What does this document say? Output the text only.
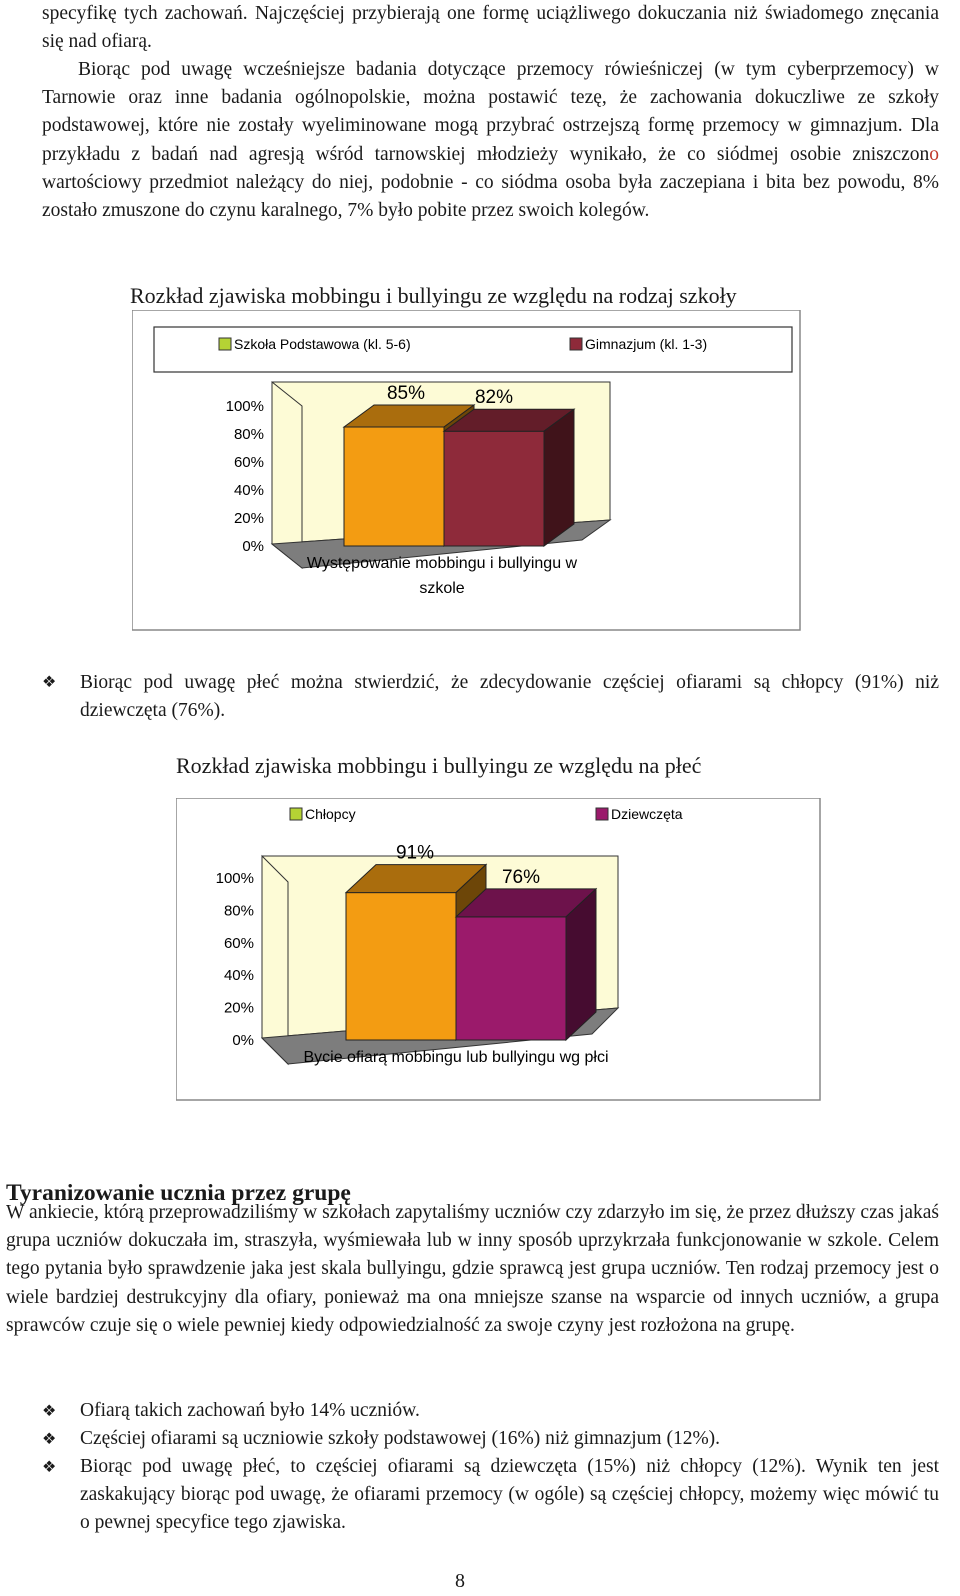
specyfikę tych zachowań. Najczęściej przybierają one formę uciążliwego dokuczania niż świadomego znęcania się nad ofiarą.
Biorąc pod uwagę wcześniejsze badania dotyczące przemocy rówieśniczej (w tym cyberprzemocy) w Tarnowie oraz inne badania ogólnopolskie, można postawić tezę, że zachowania dokuczliwe ze szkoły podstawowej, które nie zostały wyeliminowane mogą przybrać ostrzejszą formę przemocy w gimnazjum. Dla przykładu z badań nad agresją wśród tarnowskiej młodzieży wynikało, że co siódmej osobie zniszczono wartościowy przedmiot należący do niej, podobnie - co siódma osoba była zaczepiana i bita bez powodu, 8% zostało zmuszone do czynu karalnego, 7% było pobite przez swoich kolegów.
Rozkład zjawiska mobbingu i bullyingu ze względu na rodzaj szkoły
Szkoła Podstawowa (kl. 5-6)	Gimnazjum (kl. 1-3)
100%
80%
60%
40%
20%
0%
85%	82%
Występowanie mobbingu i bullyingu w
szkole
❖	Biorąc pod uwagę płeć można stwierdzić, że zdecydowanie częściej ofiarami są chłopcy (91%) niż dziewczęta (76%).
Rozkład zjawiska mobbingu i bullyingu ze względu na płeć
Chłopcy	Dziewczęta
100%
80%
60%
40%
20%
0%
91%
76%
Bycie ofiarą mobbingu lub bullyingu wg płci
Tyranizowanie ucznia przez grupę
W ankiecie, którą przeprowadziliśmy w szkołach zapytaliśmy uczniów czy zdarzyło im się, że przez dłuższy czas jakaś grupa uczniów dokuczała im, straszyła, wyśmiewała lub w inny sposób uprzykrzała funkcjonowanie w szkole. Celem tego pytania było sprawdzenie jaka jest skala bullyingu, gdzie sprawcą jest grupa uczniów. Ten rodzaj przemocy jest o wiele bardziej destrukcyjny dla ofiary, ponieważ ma ona mniejsze szanse na wsparcie od innych uczniów, a grupa sprawców czuje się o wiele pewniej kiedy odpowiedzialność za swoje czyny jest rozłożona na grupę.
❖ Ofiarą takich zachowań było 14% uczniów.
❖ Częściej ofiarami są uczniowie szkoły podstawowej (16%) niż gimnazjum (12%).
❖ Biorąc pod uwagę płeć, to częściej ofiarami są dziewczęta (15%) niż chłopcy (12%). Wynik ten jest zaskakujący biorąc pod uwagę, że ofiarami przemocy (w ogóle) są częściej chłopcy, możemy więc mówić tu o pewnej specyfice tego zjawiska.
8
